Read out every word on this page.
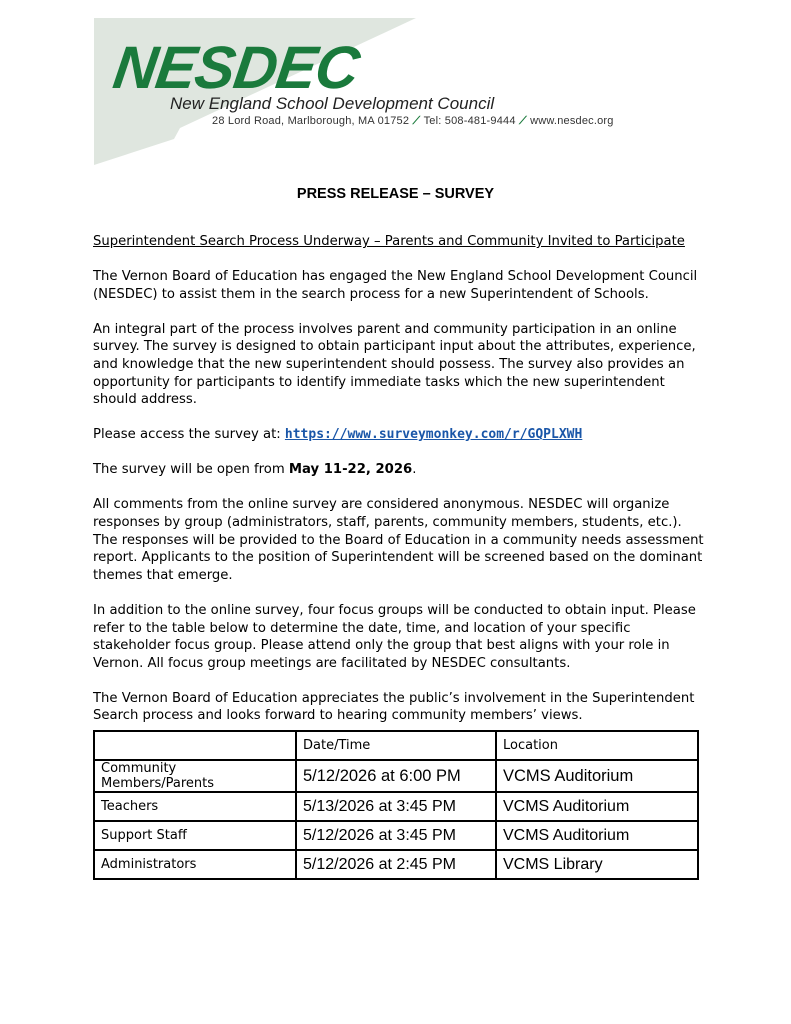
NESDEC
New England School Development Council
28 Lord Road, Marlborough, MA 01752 ⟋ Tel: 508-481-9444 ⟋ www.nesdec.org
PRESS RELEASE – SURVEY

Superintendent Search Process Underway – Parents and Community Invited to Participate

The Vernon Board of Education has engaged the New England School Development Council (NESDEC) to assist them in the search process for a new Superintendent of Schools.

An integral part of the process involves parent and community participation in an online survey. The survey is designed to obtain participant input about the attributes, experience, and knowledge that the new superintendent should possess. The survey also provides an opportunity for participants to identify immediate tasks which the new superintendent should address.

Please access the survey at: https://www.surveymonkey.com/r/GQPLXWH

The survey will be open from May 11-22, 2026.

All comments from the online survey are considered anonymous. NESDEC will organize responses by group (administrators, staff, parents, community members, students, etc.). The responses will be provided to the Board of Education in a community needs assessment report. Applicants to the position of Superintendent will be screened based on the dominant themes that emerge.

In addition to the online survey, four focus groups will be conducted to obtain input. Please refer to the table below to determine the date, time, and location of your specific stakeholder focus group. Please attend only the group that best aligns with your role in Vernon. All focus group meetings are facilitated by NESDEC consultants.

The Vernon Board of Education appreciates the public’s involvement in the Superintendent Search process and looks forward to hearing community members’ views.

	Date/Time	Location
Community Members/Parents	5/12/2026 at 6:00 PM	VCMS Auditorium
Teachers	5/13/2026 at 3:45 PM	VCMS Auditorium
Support Staff	5/12/2026 at 3:45 PM	VCMS Auditorium
Administrators	5/12/2026 at 2:45 PM	VCMS Library
